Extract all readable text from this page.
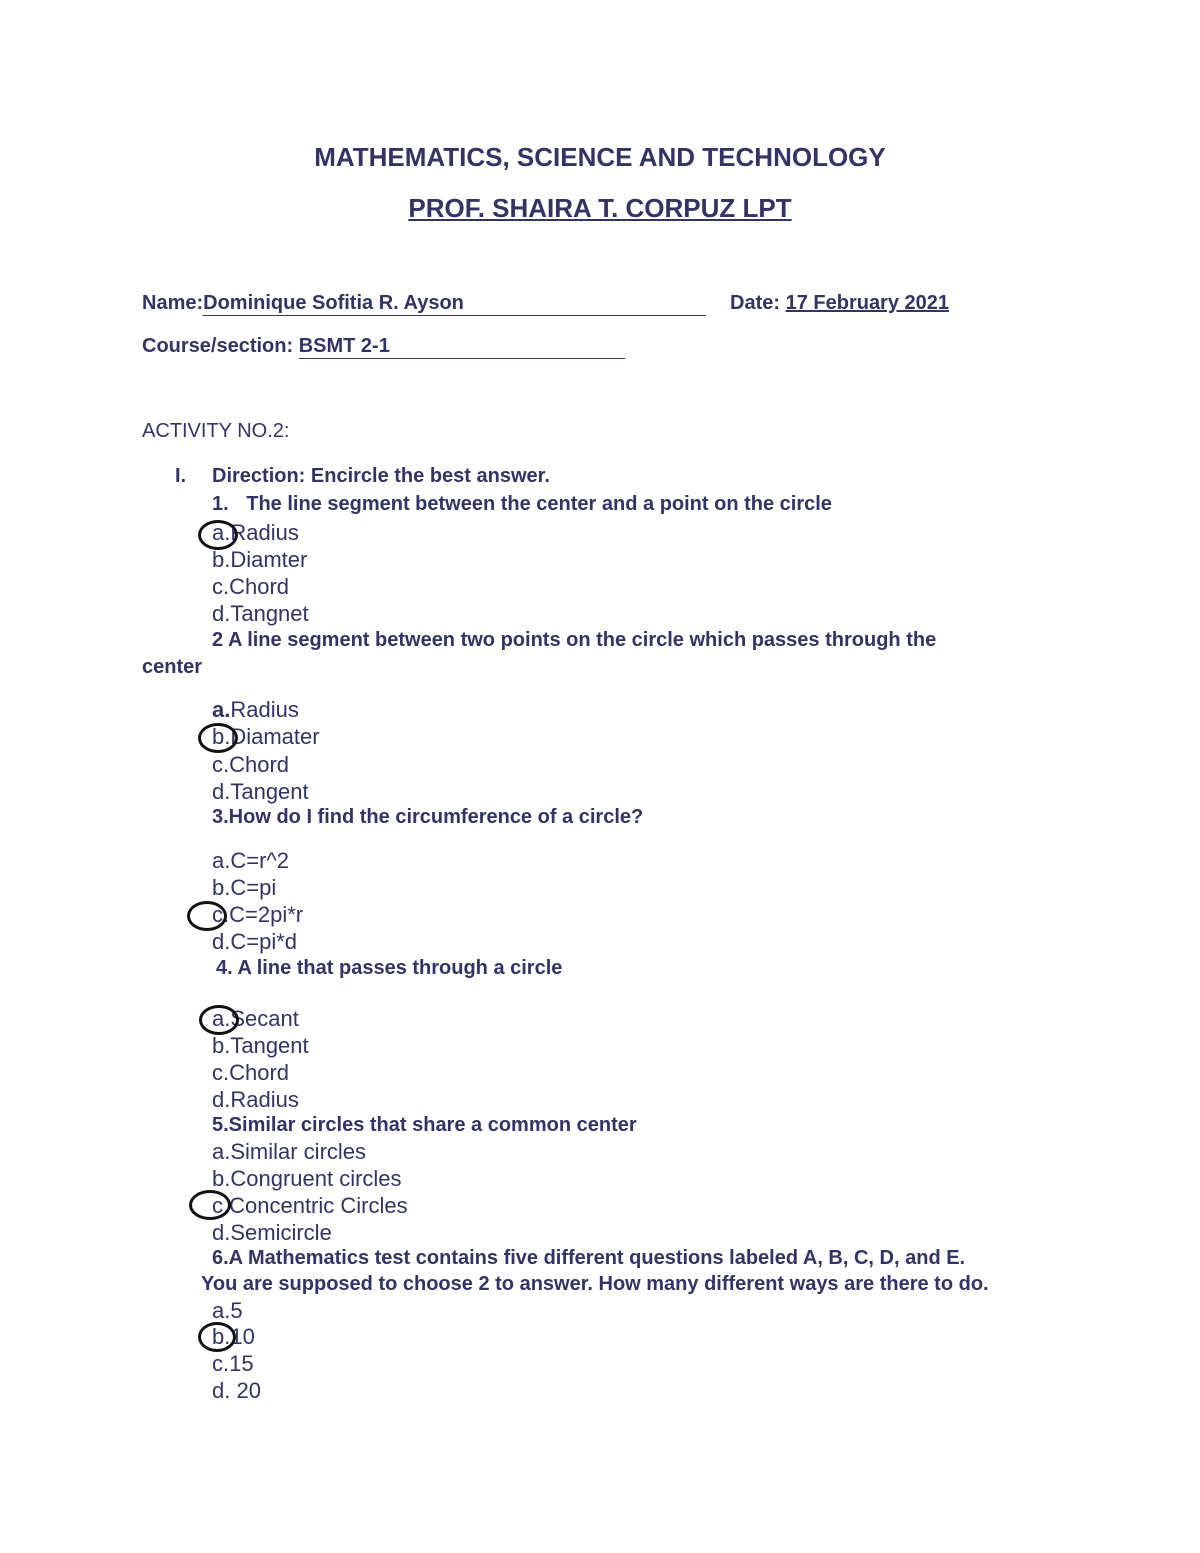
MATHEMATICS, SCIENCE AND TECHNOLOGY
PROF. SHAIRA T. CORPUZ LPT
Name:Dominique Sofitia R. Ayson	Date: 17 February 2021
Course/section: BSMT 2-1
ACTIVITY NO.2:
I. Direction: Encircle the best answer.
1. The line segment between the center and a point on the circle
a.Radius
b.Diamter
c.Chord
d.Tangnet
2 A line segment between two points on the circle which passes through the
center
a.Radius
b.Diamater
c.Chord
d.Tangent
3.How do I find the circumference of a circle?
a.C=r^2
b.C=pi
c.C=2pi*r
d.C=pi*d
4. A line that passes through a circle
a.Secant
b.Tangent
c.Chord
d.Radius
5.Similar circles that share a common center
a.Similar circles
b.Congruent circles
c.Concentric Circles
d.Semicircle
6.A Mathematics test contains five different questions labeled A, B, C, D, and E.
You are supposed to choose 2 to answer. How many different ways are there to do.
a.5
b.10
c.15
d. 20
